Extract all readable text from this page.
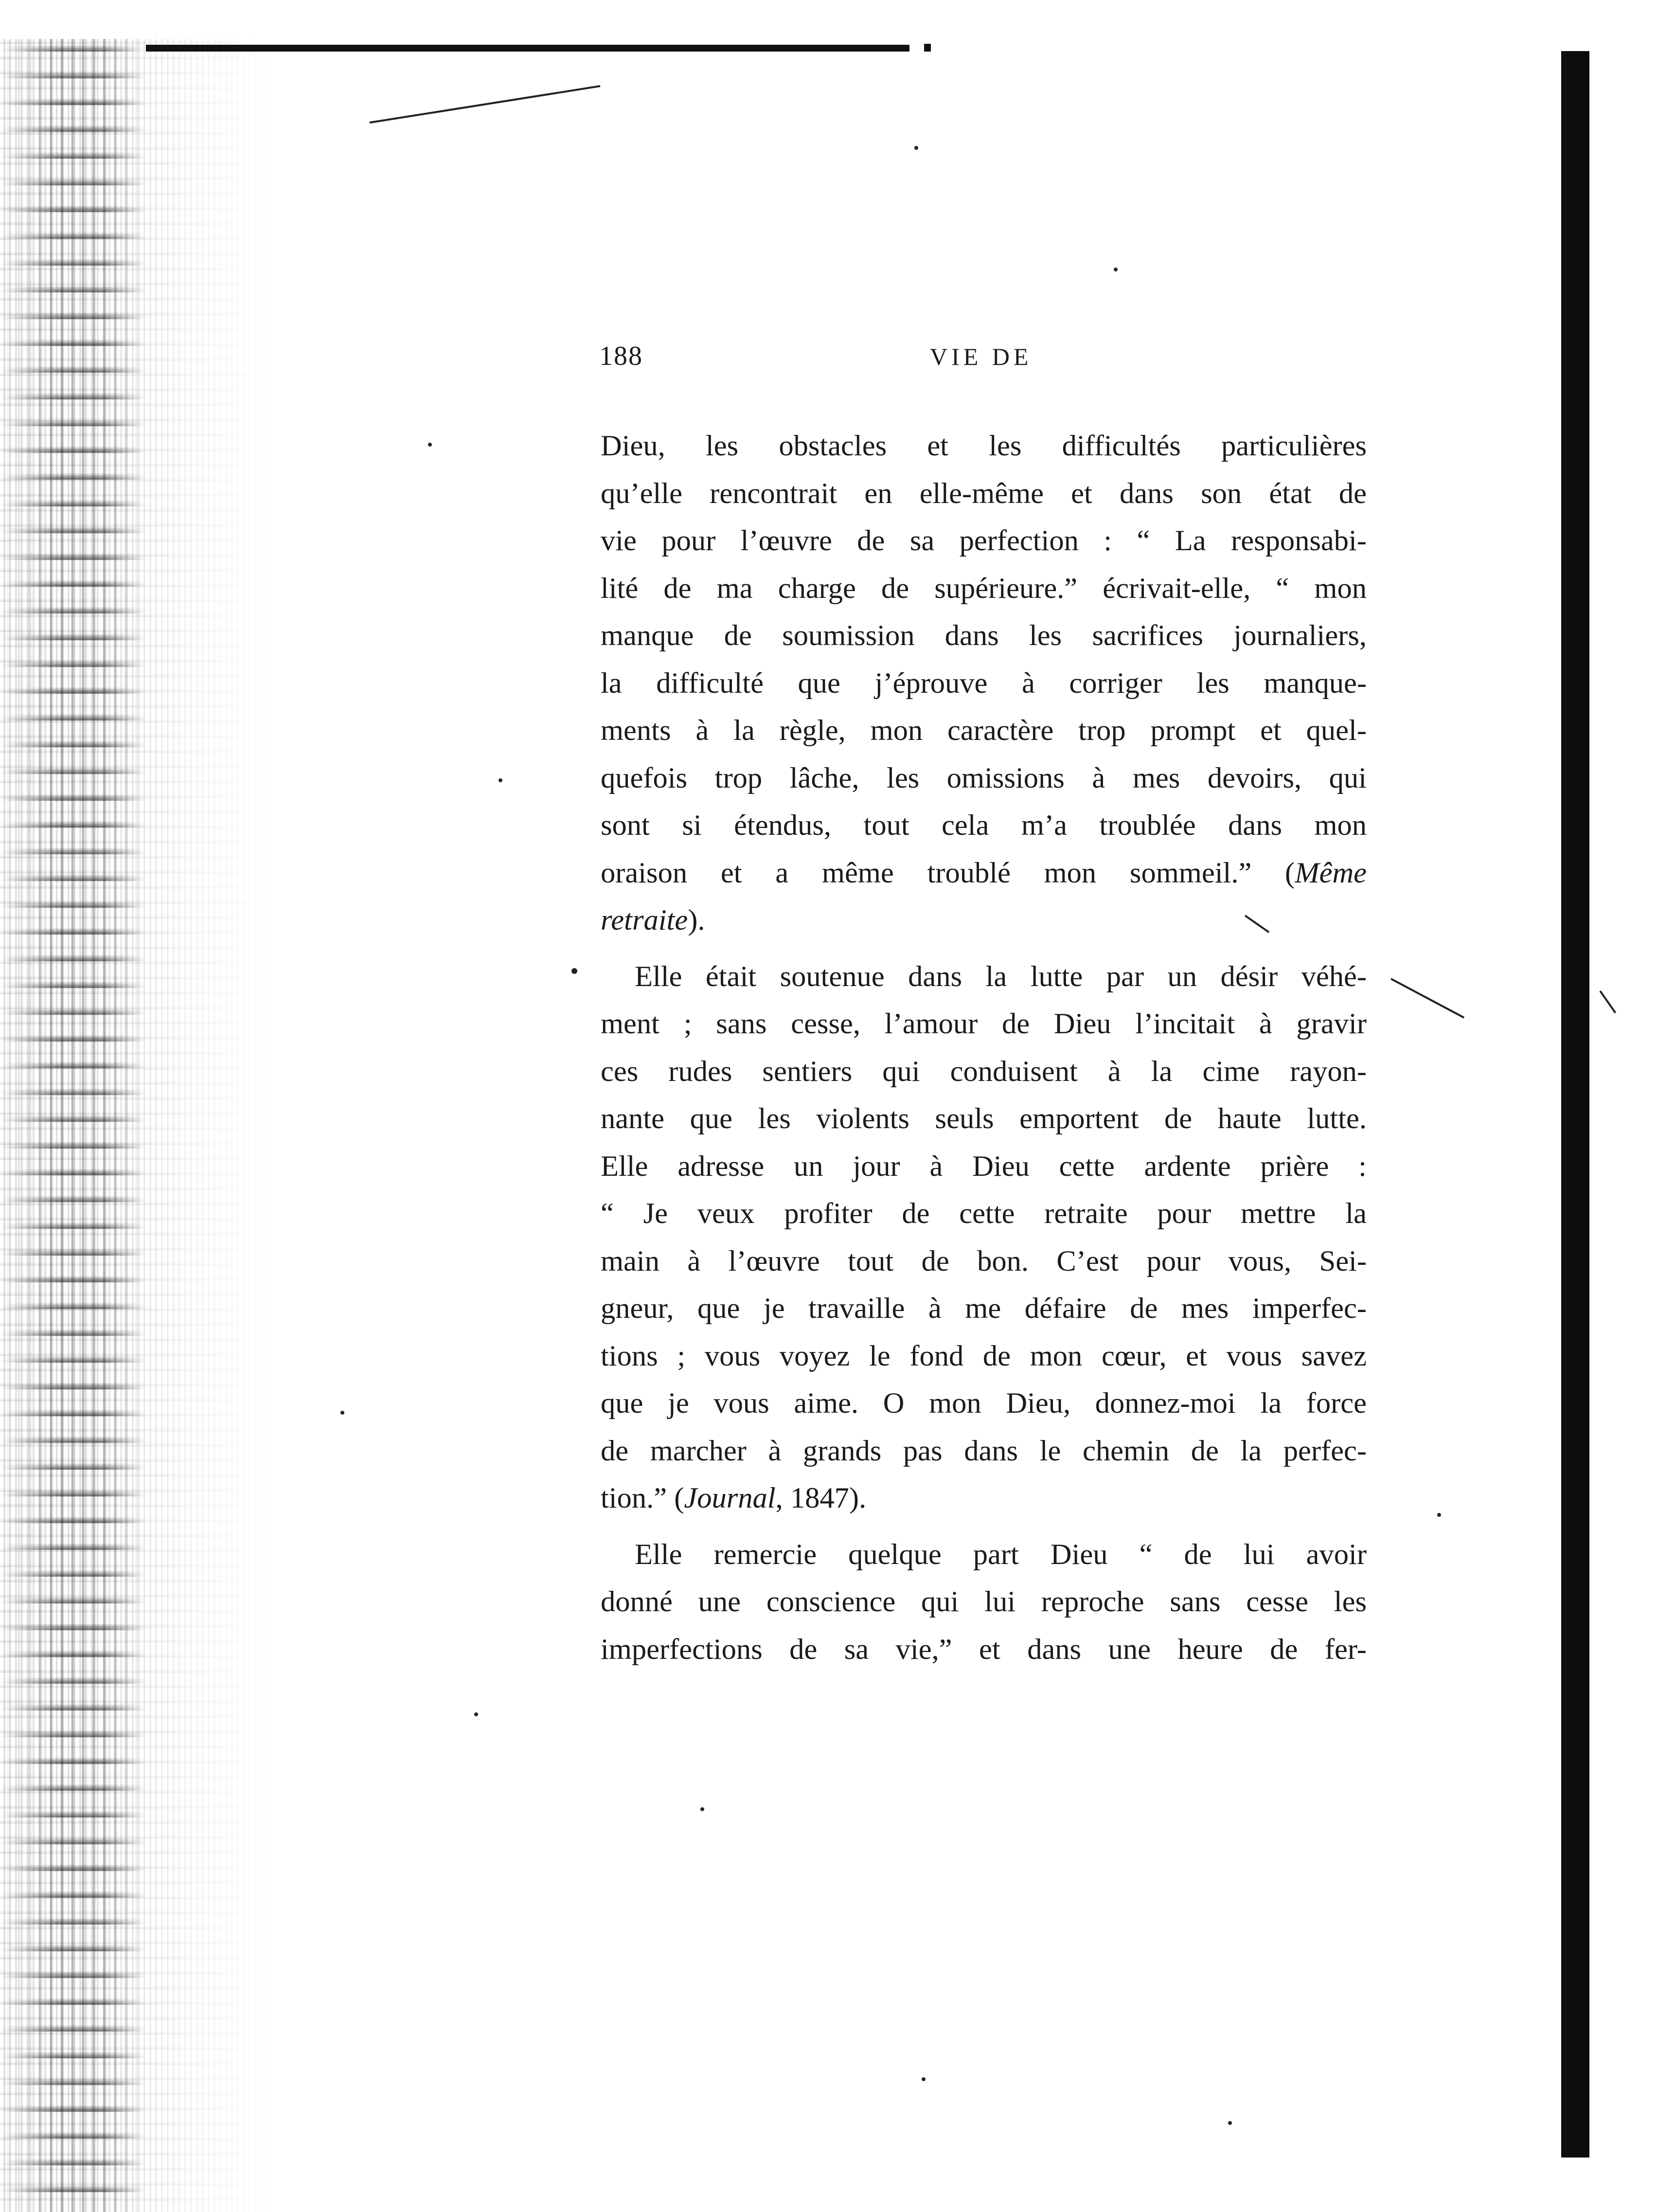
188	VIE DE
Dieu, les obstacles et les difficultés particulières
qu’elle rencontrait en elle-même et dans son état de
vie pour l’œuvre de sa perfection : “ La responsabi-
lité de ma charge de supérieure.” écrivait-elle, “ mon
manque de soumission dans les sacrifices journaliers,
la difficulté que j’éprouve à corriger les manque-
ments à la règle, mon caractère trop prompt et quel-
quefois trop lâche, les omissions à mes devoirs, qui
sont si étendus, tout cela m’a troublée dans mon
oraison et a même troublé mon sommeil.” (Même
retraite).
Elle était soutenue dans la lutte par un désir véhé-
ment ; sans cesse, l’amour de Dieu l’incitait à gravir
ces rudes sentiers qui conduisent à la cime rayon-
nante que les violents seuls emportent de haute lutte.
Elle adresse un jour à Dieu cette ardente prière :
“ Je veux profiter de cette retraite pour mettre la
main à l’œuvre tout de bon. C’est pour vous, Sei-
gneur, que je travaille à me défaire de mes imperfec-
tions ; vous voyez le fond de mon cœur, et vous savez
que je vous aime. O mon Dieu, donnez-moi la force
de marcher à grands pas dans le chemin de la perfec-
tion.” (Journal, 1847).
Elle remercie quelque part Dieu “ de lui avoir
donné une conscience qui lui reproche sans cesse les
imperfections de sa vie,” et dans une heure de fer-
